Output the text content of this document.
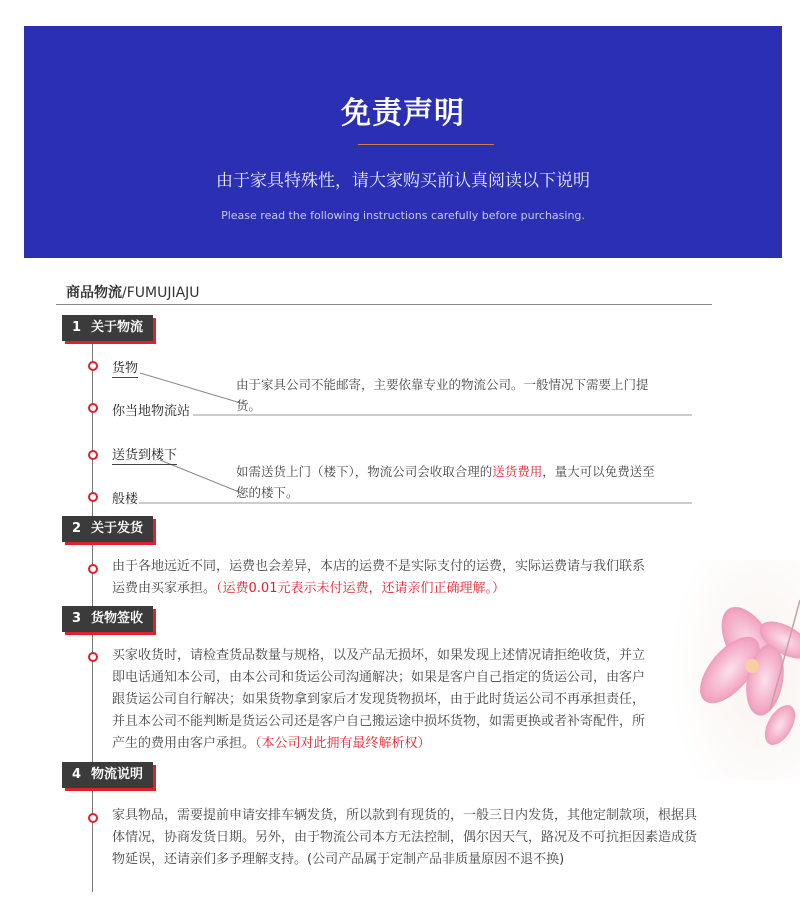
免责声明
由于家具特殊性，请大家购买前认真阅读以下说明
Please read the following instructions carefully before purchasing.
商品物流/FUMUJIAJU
1 关于物流
货物
你当地物流站
由于家具公司不能邮寄，主要依靠专业的物流公司。一般情况下需要上门提货。
送货到楼下
般楼
如需送货上门（楼下），物流公司会收取合理的送货费用，量大可以免费送至您的楼下。
2 关于发货
由于各地远近不同，运费也会差异，本店的运费不是实际支付的运费，实际运费请与我们联系运费由买家承担。（运费0.01元表示未付运费，还请亲们正确理解。）
3 货物签收
买家收货时，请检查货品数量与规格，以及产品无损坏，如果发现上述情况请拒绝收货，并立即电话通知本公司，由本公司和货运公司沟通解决；如果是客户自己指定的货运公司，由客户跟货运公司自行解决；如果货物拿到家后才发现货物损坏，由于此时货运公司不再承担责任，并且本公司不能判断是货运公司还是客户自己搬运途中损坏货物，如需更换或者补寄配件，所产生的费用由客户承担。（本公司对此拥有最终解析权）
4 物流说明
家具物品，需要提前申请安排车辆发货，所以款到有现货的，一般三日内发货，其他定制款项，根据具体情况，协商发货日期。另外，由于物流公司本方无法控制，偶尔因天气，路况及不可抗拒因素造成货物延误，还请亲们多予理解支持。(公司产品属于定制产品非质量原因不退不换)
